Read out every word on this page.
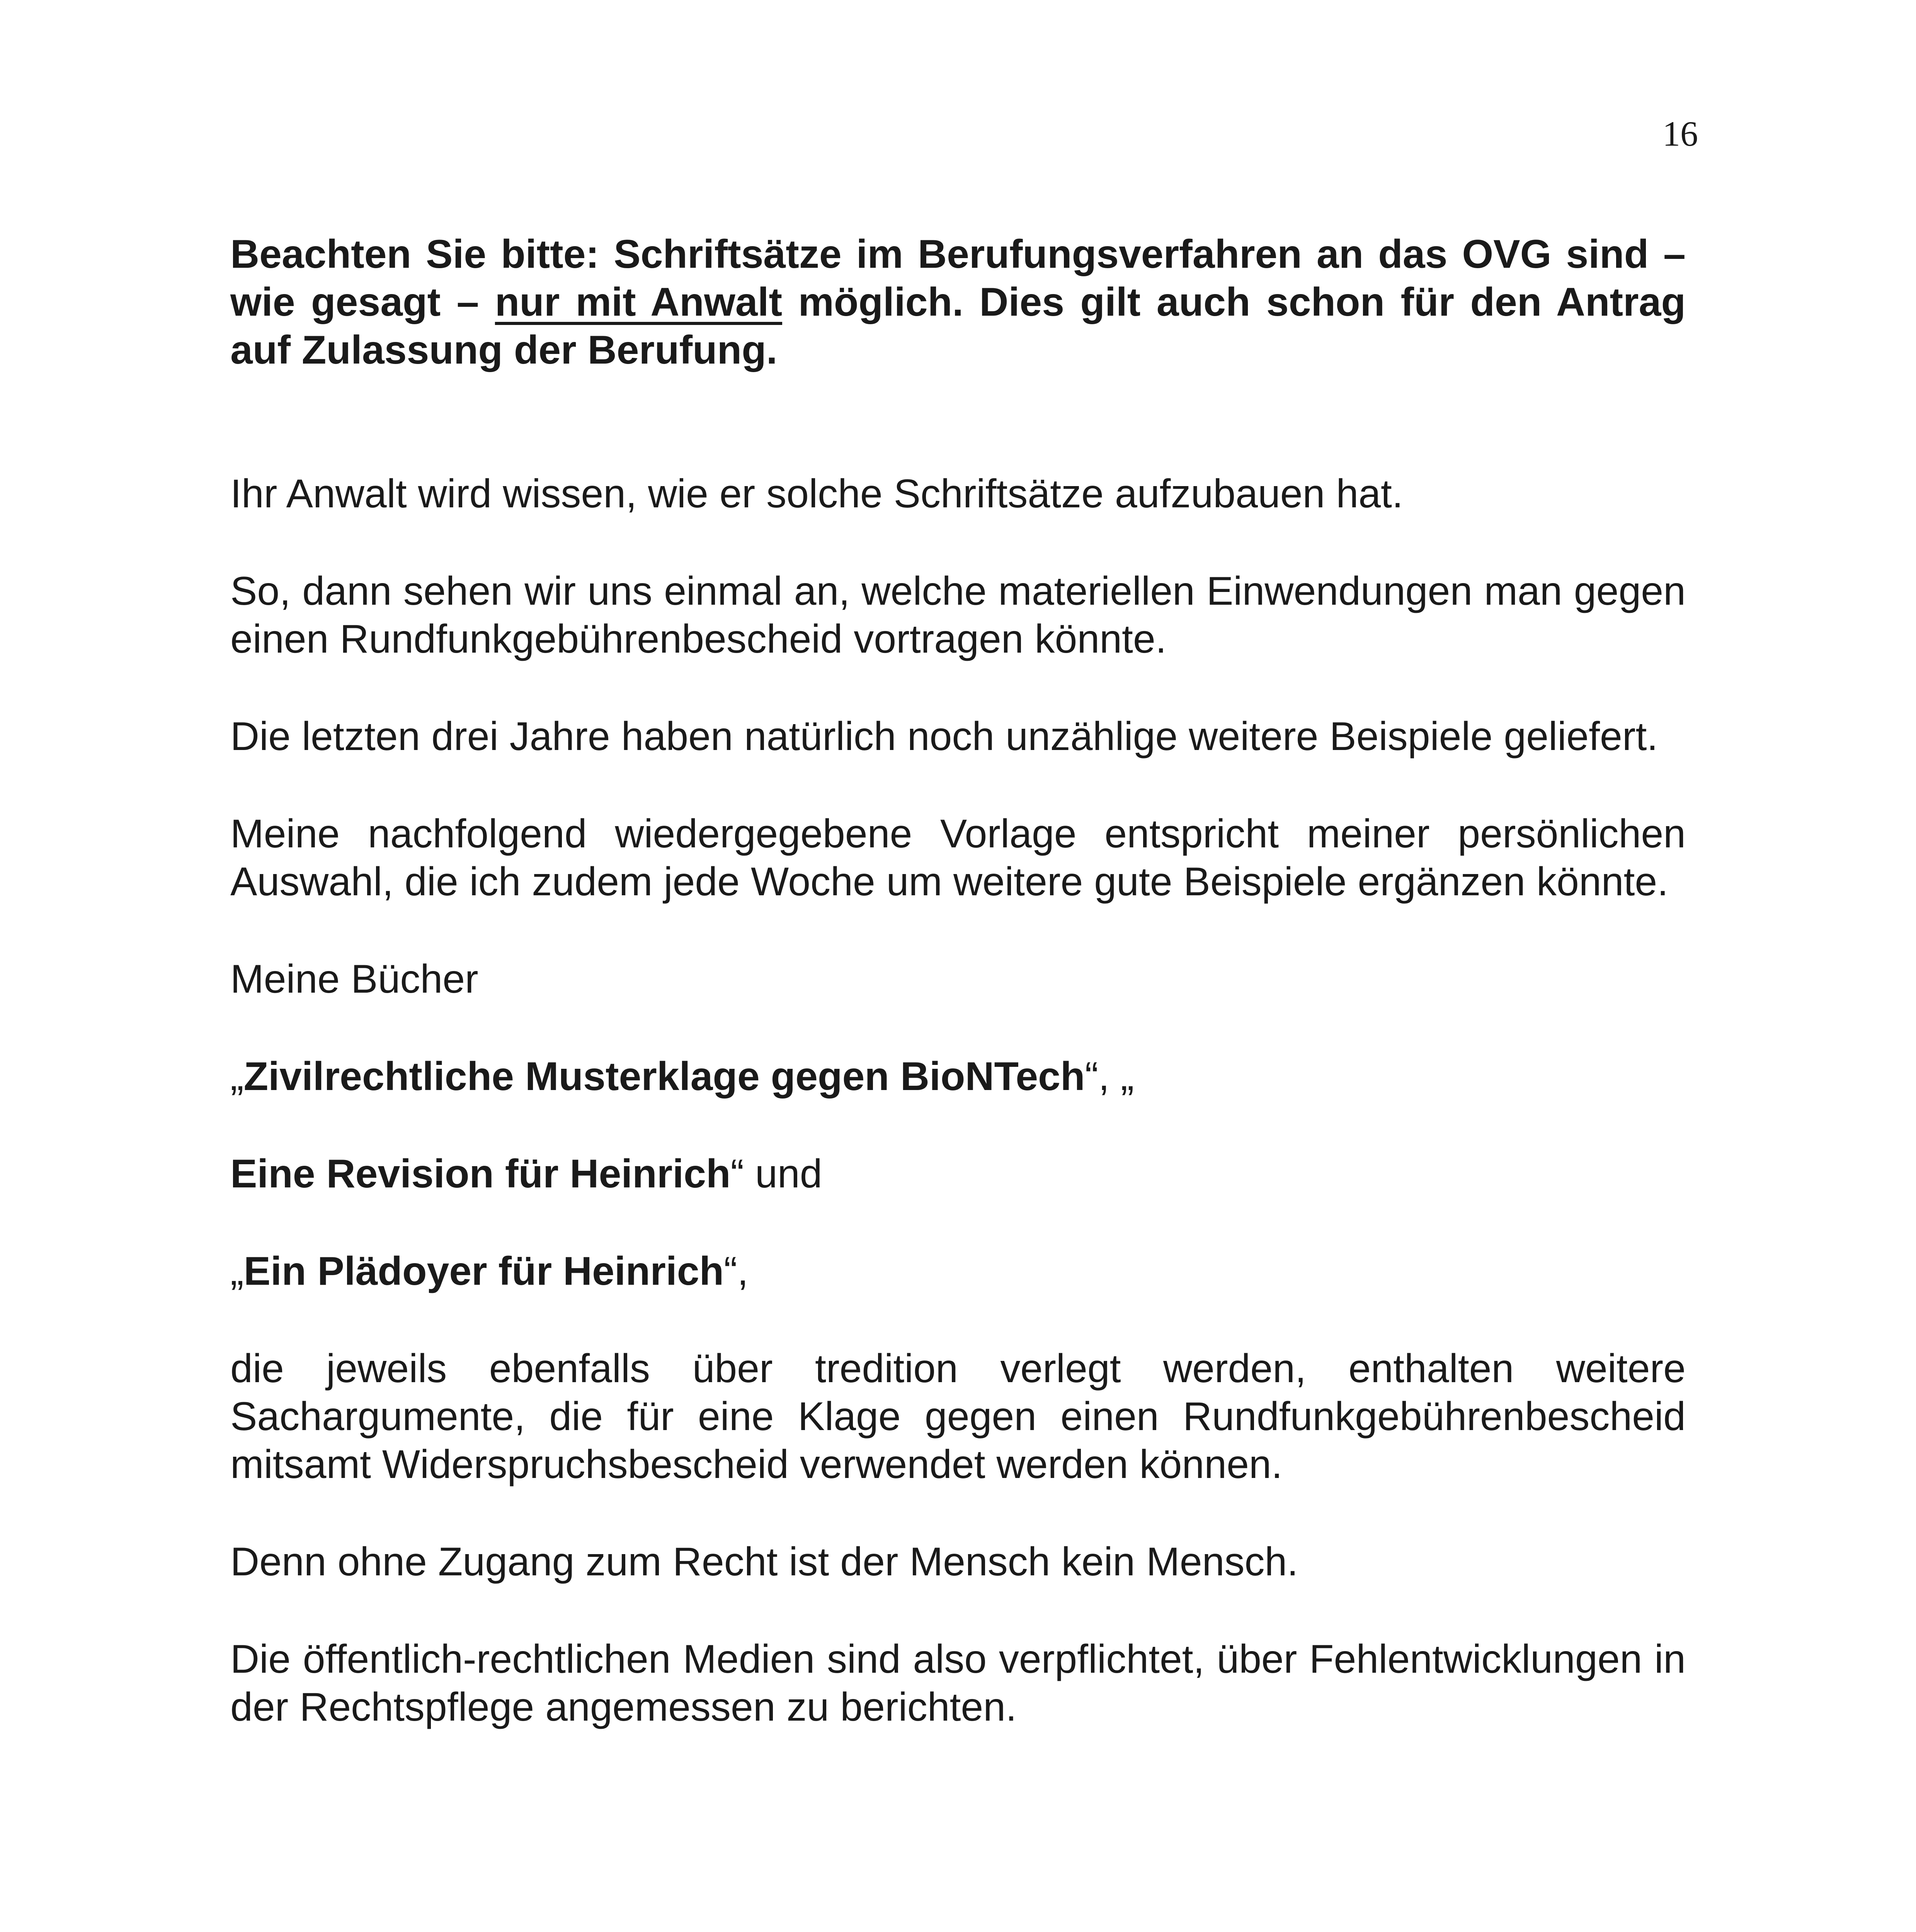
16

Beachten Sie bitte: Schriftsätze im Berufungsverfahren an das OVG sind – wie gesagt – nur mit Anwalt möglich. Dies gilt auch schon für den Antrag auf Zulassung der Berufung.

Ihr Anwalt wird wissen, wie er solche Schriftsätze aufzubauen hat.

So, dann sehen wir uns einmal an, welche materiellen Einwendungen man gegen einen Rundfunkgebührenbescheid vortragen könnte.

Die letzten drei Jahre haben natürlich noch unzählige weitere Beispiele geliefert.

Meine nachfolgend wiedergegebene Vorlage entspricht meiner persönlichen Auswahl, die ich zudem jede Woche um weitere gute Beispiele ergänzen könnte.

Meine Bücher

„Zivilrechtliche Musterklage gegen BioNTech“, „

Eine Revision für Heinrich“ und

„Ein Plädoyer für Heinrich“,

die jeweils ebenfalls über tredition verlegt werden, enthalten weitere Sachargumente, die für eine Klage gegen einen Rundfunkgebührenbescheid mitsamt Widerspruchsbescheid verwendet werden können.

Denn ohne Zugang zum Recht ist der Mensch kein Mensch.

Die öffentlich-rechtlichen Medien sind also verpflichtet, über Fehlentwicklungen in der Rechtspflege angemessen zu berichten.
